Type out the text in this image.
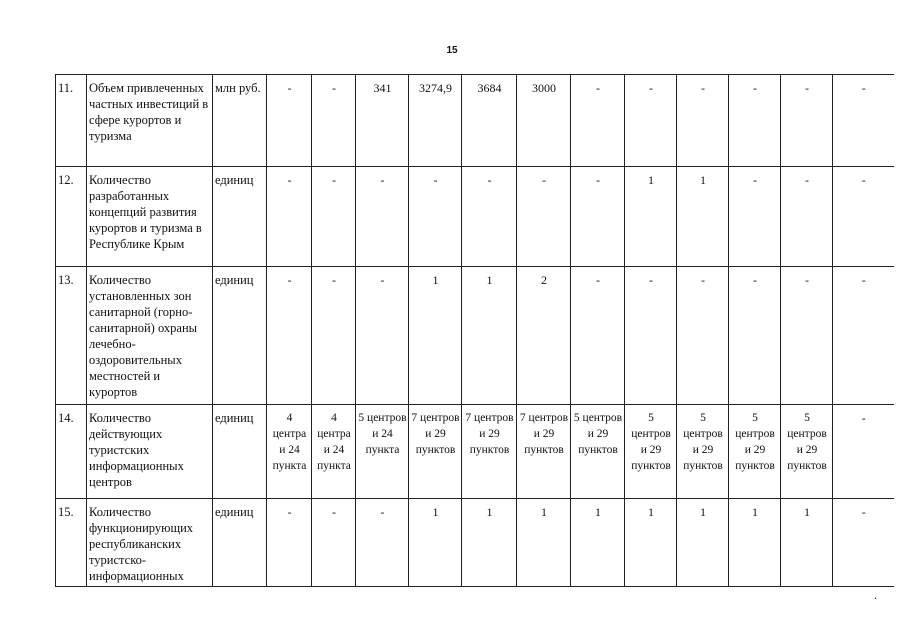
15
11.	Объем привлеченных частных инвестиций в сфере курортов и туризма	млн руб.	-	-	341	3274,9	3684	3000	-	-	-	-	-	-
12.	Количество разработанных концепций развития курортов и туризма в Республике Крым	единиц	-	-	-	-	-	-	-	1	1	-	-	-
13.	Количество установленных зон санитарной (горно-санитарной) охраны лечебно-оздоровительных местностей и курортов	единиц	-	-	-	1	1	2	-	-	-	-	-	-
14.	Количество действующих туристских информационных центров	единиц	4 центра и 24 пункта	4 центра и 24 пункта	5 центров и 24 пункта	7 центров и 29 пунктов	7 центров и 29 пунктов	7 центров и 29 пунктов	5 центров и 29 пунктов	5 центров и 29 пунктов	5 центров и 29 пунктов	5 центров и 29 пунктов	5 центров и 29 пунктов	-
15.	Количество функционирующих республиканских туристско-информационных	единиц	-	-	-	1	1	1	1	1	1	1	1	-
.
